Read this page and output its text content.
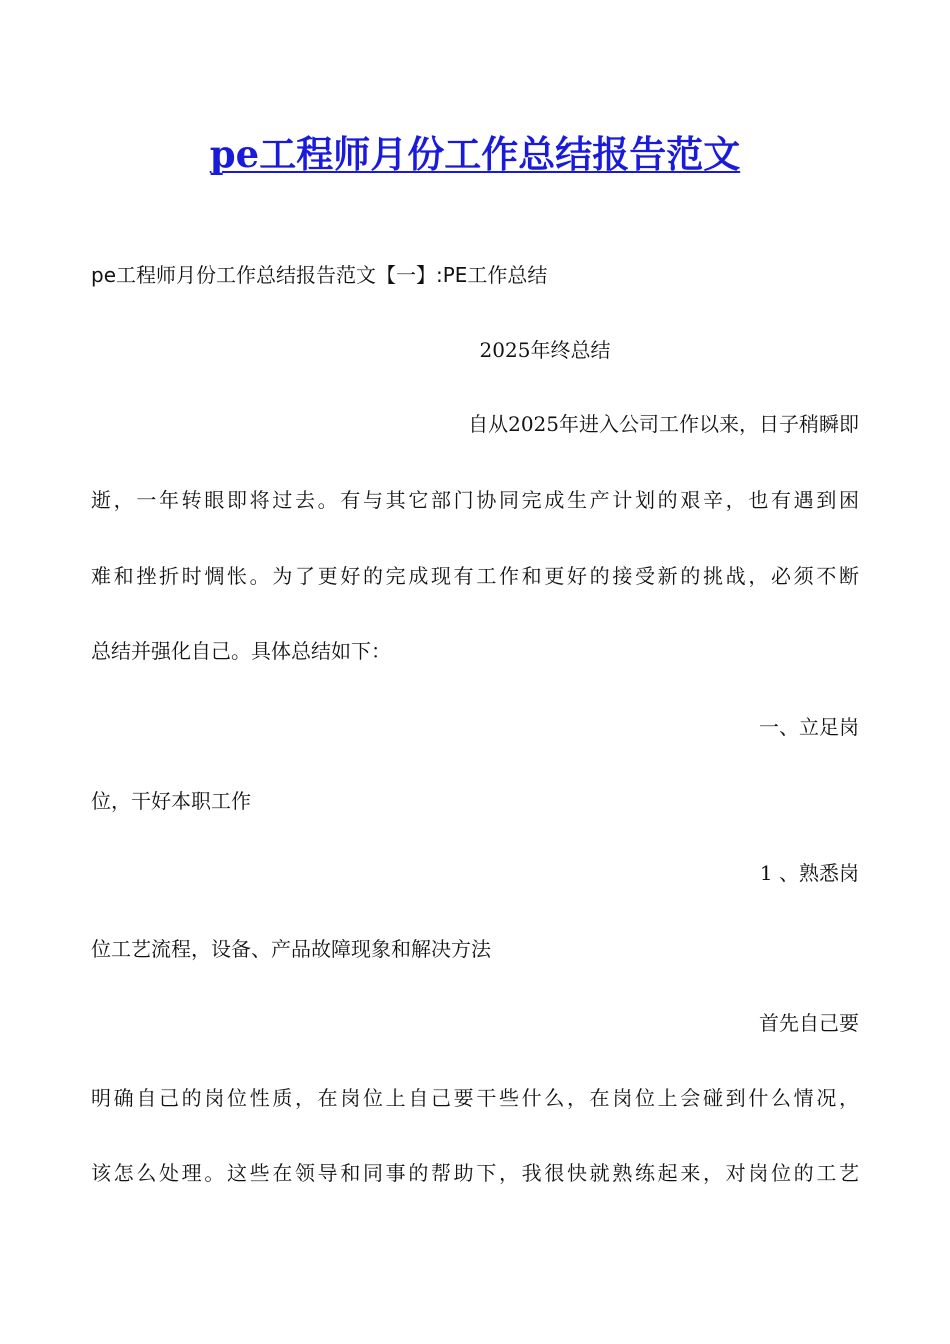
pe工程师月份工作总结报告范文

pe工程师月份工作总结报告范文【一】:PE工作总结

2025年终总结

自从2025年进入公司工作以来，日子稍瞬即

逝，一年转眼即将过去。有与其它部门协同完成生产计划的艰辛，也有遇到困

难和挫折时惆怅。为了更好的完成现有工作和更好的接受新的挑战，必须不断

总结并强化自己。具体总结如下：

一、立足岗

位，干好本职工作

1 、熟悉岗

位工艺流程，设备、产品故障现象和解决方法

首先自己要

明确自己的岗位性质，在岗位上自己要干些什么，在岗位上会碰到什么情况，

该怎么处理。这些在领导和同事的帮助下，我很快就熟练起来，对岗位的工艺
